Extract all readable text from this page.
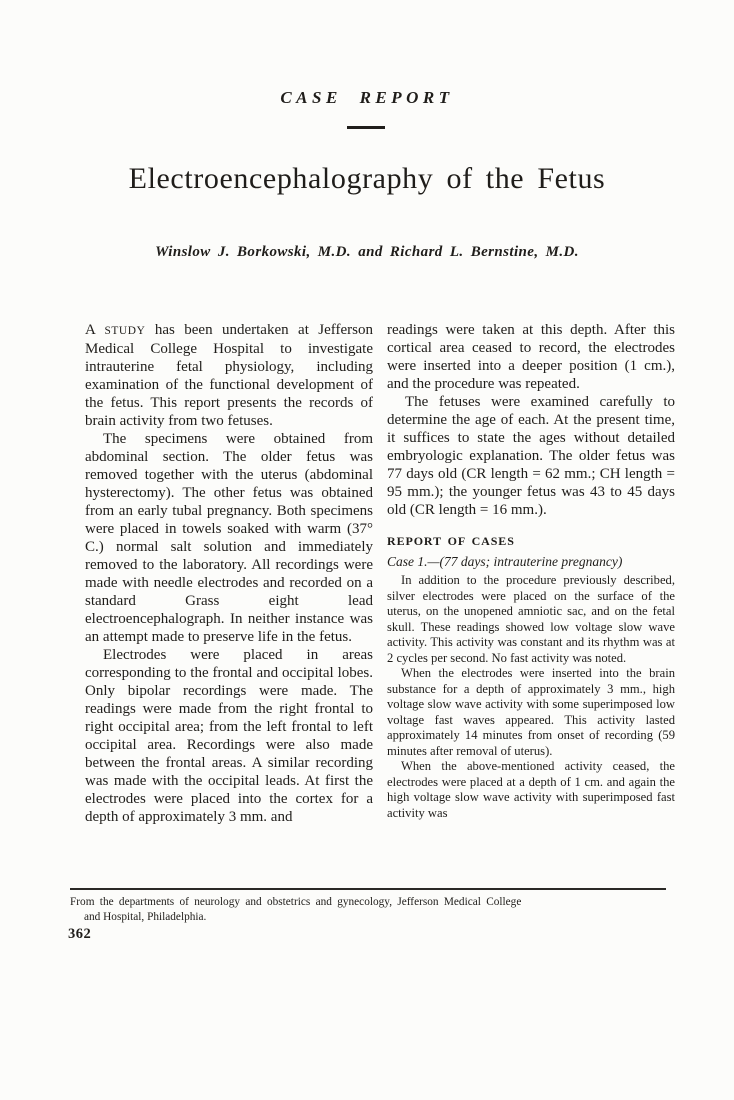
CASE REPORT
Electroencephalography of the Fetus
Winslow J. Borkowski, M.D. and Richard L. Bernstine, M.D.

A STUDY has been undertaken at Jefferson Medical College Hospital to investigate intrauterine fetal physiology, including examination of the functional development of the fetus. This report presents the records of brain activity from two fetuses.

The specimens were obtained from abdominal section. The older fetus was removed together with the uterus (abdominal hysterectomy). The other fetus was obtained from an early tubal pregnancy. Both specimens were placed in towels soaked with warm (37° C.) normal salt solution and immediately removed to the laboratory. All recordings were made with needle electrodes and recorded on a standard Grass eight lead electroencephalograph. In neither instance was an attempt made to preserve life in the fetus.

Electrodes were placed in areas corresponding to the frontal and occipital lobes. Only bipolar recordings were made. The readings were made from the right frontal to right occipital area; from the left frontal to left occipital area. Recordings were also made between the frontal areas. A similar recording was made with the occipital leads. At first the electrodes were placed into the cortex for a depth of approximately 3 mm. and

readings were taken at this depth. After this cortical area ceased to record, the electrodes were inserted into a deeper position (1 cm.), and the procedure was repeated.

The fetuses were examined carefully to determine the age of each. At the present time, it suffices to state the ages without detailed embryologic explanation. The older fetus was 77 days old (CR length = 62 mm.; CH length = 95 mm.); the younger fetus was 43 to 45 days old (CR length = 16 mm.).

REPORT OF CASES
Case 1.—(77 days; intrauterine pregnancy)

In addition to the procedure previously described, silver electrodes were placed on the surface of the uterus, on the unopened amniotic sac, and on the fetal skull. These readings showed low voltage slow wave activity. This activity was constant and its rhythm was at 2 cycles per second. No fast activity was noted.

When the electrodes were inserted into the brain substance for a depth of approximately 3 mm., high voltage slow wave activity with some superimposed low voltage fast waves appeared. This activity lasted approximately 14 minutes from onset of recording (59 minutes after removal of uterus).

When the above-mentioned activity ceased, the electrodes were placed at a depth of 1 cm. and again the high voltage slow wave activity with superimposed fast activity was

From the departments of neurology and obstetrics and gynecology, Jefferson Medical College
and Hospital, Philadelphia.
362
